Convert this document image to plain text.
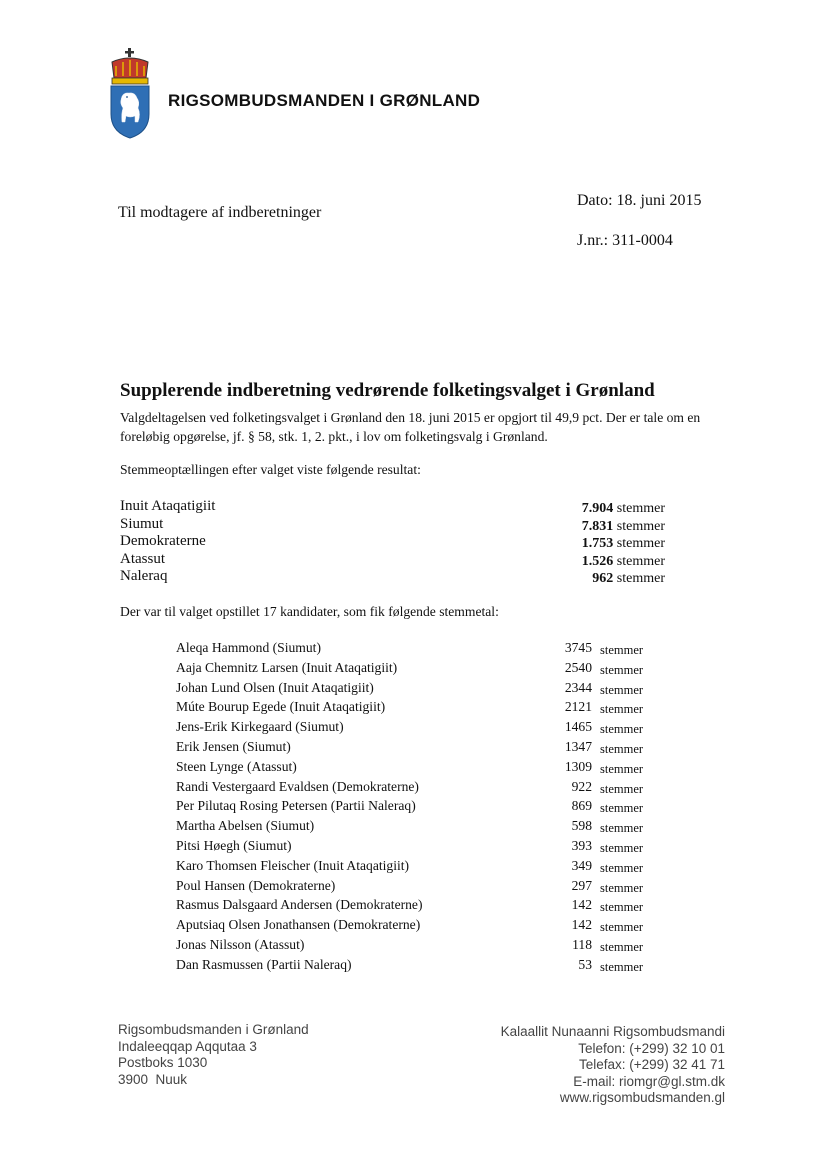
RIGSOMBUDSMANDEN I GRØNLAND
Til modtagere af indberetninger
Dato: 18. juni 2015
J.nr.: 311-0004
Supplerende indberetning vedrørende folketingsvalget i Grønland
Valgdeltagelsen ved folketingsvalget i Grønland den 18. juni 2015 er opgjort til 49,9 pct. Der er tale om en foreløbig opgørelse, jf. § 58, stk. 1, 2. pkt., i lov om folketingsvalg i Grønland.
Stemmeoptællingen efter valget viste følgende resultat:
Inuit Ataqatigiit	7.904 stemmer
Siumut	7.831 stemmer
Demokraterne	1.753 stemmer
Atassut	1.526 stemmer
Naleraq	962 stemmer
Der var til valget opstillet 17 kandidater, som fik følgende stemmetal:
Aleqa Hammond (Siumut)	3745 stemmer
Aaja Chemnitz Larsen (Inuit Ataqatigiit)	2540 stemmer
Johan Lund Olsen (Inuit Ataqatigiit)	2344 stemmer
Múte Bourup Egede (Inuit Ataqatigiit)	2121 stemmer
Jens-Erik Kirkegaard (Siumut)	1465 stemmer
Erik Jensen (Siumut)	1347 stemmer
Steen Lynge (Atassut)	1309 stemmer
Randi Vestergaard Evaldsen (Demokraterne)	922 stemmer
Per Pilutaq Rosing Petersen (Partii Naleraq)	869 stemmer
Martha Abelsen (Siumut)	598 stemmer
Pitsi Høegh (Siumut)	393 stemmer
Karo Thomsen Fleischer (Inuit Ataqatigiit)	349 stemmer
Poul Hansen (Demokraterne)	297 stemmer
Rasmus Dalsgaard Andersen (Demokraterne)	142 stemmer
Aputsiaq Olsen Jonathansen (Demokraterne)	142 stemmer
Jonas Nilsson (Atassut)	118 stemmer
Dan Rasmussen (Partii Naleraq)	53 stemmer
Rigsombudsmanden i Grønland
Indaleeqqap Aqqutaa 3
Postboks 1030
3900  Nuuk
Kalaallit Nunaanni Rigsombudsmandi
Telefon: (+299) 32 10 01
Telefax: (+299) 32 41 71
E-mail: riomgr@gl.stm.dk
www.rigsombudsmanden.gl
